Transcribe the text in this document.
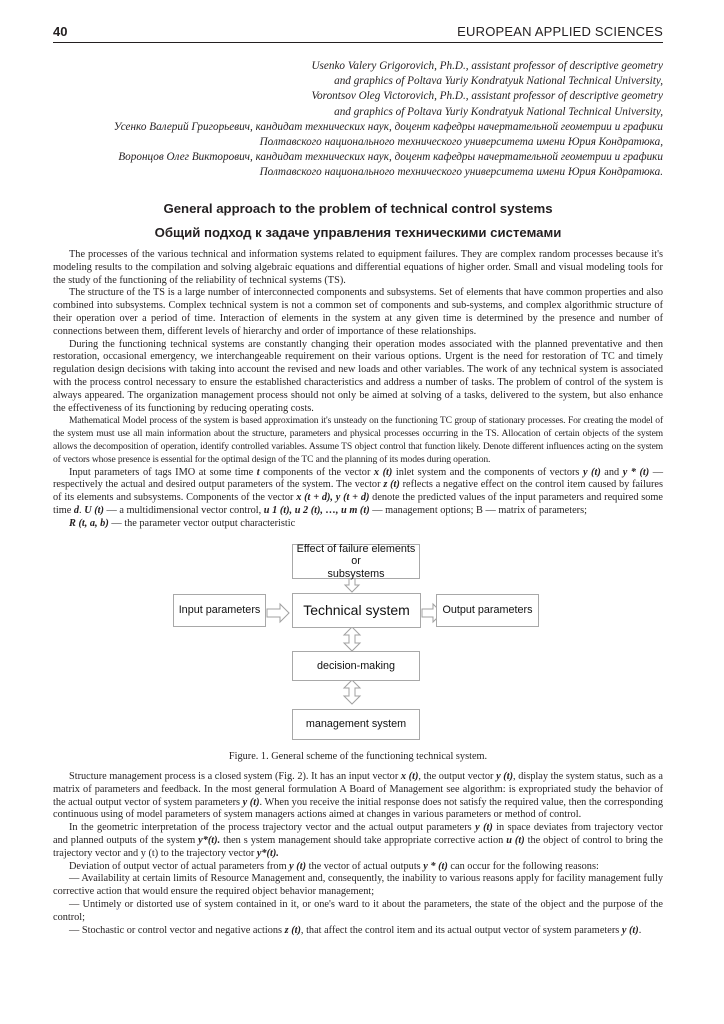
40	EUROPEAN APPLIED SCIENCES

Usenko Valery Grigorovich, Ph.D., assistant professor of descriptive geometry

and graphics of Poltava Yuriy Kondratyuk National Technical University,

Vorontsov Oleg Victorovich, Ph.D., assistant professor of descriptive geometry

and graphics of Poltava Yuriy Kondratyuk National Technical University,

Усенко Валерий Григорьевич, кандидат технических наук, доцент кафедры начертательной геометрии и графики

Полтавского национального технического университета имени Юрия Кондратюка,

Воронцов Олег Викторович, кандидат технических наук, доцент кафедры начертательной геометрии и графики

Полтавского национального технического университета имени Юрия Кондратюка.

General approach to the problem of technical control systems
Общий подход к задаче управления техническими системами

The processes of the various technical and information systems related to equipment failures. They are complex random processes because it's modeling results to the compilation and solving algebraic equations and differential equations of higher order. Small and visual modeling tools for the study of the functioning of the reliability of technical systems (TS).

The structure of the TS is a large number of interconnected components and subsystems. Set of elements that have common properties and also combined into subsystems. Complex technical system is not a common set of components and sub-systems, and complex algorithmic structure of their operation over a period of time. Interaction of elements in the system at any given time is determined by the presence and number of connections between them, different levels of hierarchy and order of importance of these relationships.

During the functioning technical systems are constantly changing their operation modes associated with the planned preventative and then restoration, occasional emergency, we interchangeable requirement on their various options. Urgent is the need for restoration of TC and timely regulation design decisions with taking into account the revised and new loads and other variables. The work of any technical system is associated with the process control necessary to ensure the established characteristics and address a number of tasks. The problem of control of the system is always appeared. The organization management process should not only be aimed at solving of a tasks, delivered to the system, but also enhance the effectiveness of its functioning by reducing operating costs.

Mathematical Model process of the system is based approximation it's unsteady on the functioning TC group of stationary processes. For creating the model of the system must use all main information about the structure, parameters and physical processes occurring in the TS. Allocation of certain objects of the system allows the decomposition of operation, identify controlled variables. Assume TS object control that function likely. Denote different influences acting on the system of vectors whose presence is essential for the optimal design of the TC and the planning of its modes during operation.

Input parameters of tags IMO at some time t components of the vector x (t) inlet system and the components of vectors y (t) and y * (t) — respectively the actual and desired output parameters of the system. The vector z (t) reflects a negative effect on the control item caused by failures of its elements and subsystems. Components of the vector x (t + d), y (t + d) denote the predicted values of the input parameters and required some time d. U (t) — a multidimensional vector control, u 1 (t), u 2 (t), …, u m (t) — management options; B — matrix of parameters;

R (t, a, b) — the parameter vector output characteristic

Effect of failure elements or
subsystems
Input parameters	Technical system	Output parameters
decision-making
management system
Figure. 1. General scheme of the functioning technical system.

Structure management process is a closed system (Fig. 2). It has an input vector x (t), the output vector y (t), display the system status, such as a matrix of parameters and feedback. In the most general formulation A Board of Management see algorithm: is expropriated study the behavior of the actual output vector of system parameters y (t). When you receive the initial response does not satisfy the required value, then the corresponding continuous using of model parameters of system managers actions aimed at changes in various parameters or method of control.

In the geometric interpretation of the process trajectory vector and the actual output parameters y (t) in space deviates from trajectory vector and planned outputs of the system y*(t). then s ystem management should take appropriate corrective action u (t) the object of control to bring the trajectory vector and y (t) to the trajectory vector y*(t).

Deviation of output vector of actual parameters from y (t) the vector of actual outputs y * (t) can occur for the following reasons:

— Availability at certain limits of Resource Management and, consequently, the inability to various reasons apply for facility management fully corrective action that would ensure the required object behavior management;

— Untimely or distorted use of system contained in it, or one's ward to it about the parameters, the state of the object and the purpose of the control;

— Stochastic or control vector and negative actions z (t), that affect the control item and its actual output vector of system parameters y (t).
